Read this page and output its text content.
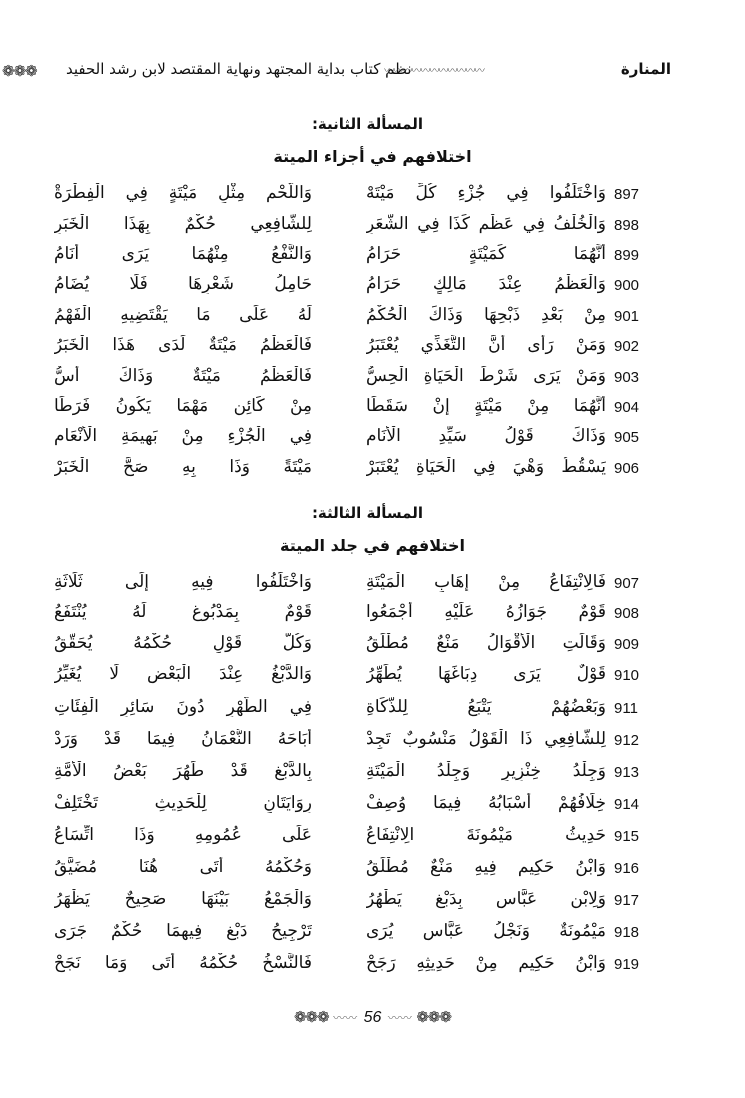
❁❁❁ نظم كتاب بداية المجتهد ونهاية المقتصد لابن رشد الحفيد
〰〰〰〰〰〰〰〰〰〰〰	المنارة
المسألة الثانية:
اختلافهم في أجزاء الميتة
897
وَاخْتَلَفُوا فِي جُزْءِ كُلِّ مَيْتَهْ
وَاللَّحْمِ مِثْلِ مَيْتَةٍ فِي الْفِطْرَةْ
898
وَالْخُلْفُ فِي عَظْمٍ كَذَا فِي الشَّعَرِ
لِلشَّافِعِي حُكْمٌ بِهَذَا الْخَبَرِ
899
أَنَّهُمَا كَمَيْتَةٍ حَرَامُ
وَالنَّفْعُ مِنْهُمَا يَرَى أَنَامُ
900
وَالْعَظْمُ عِنْدَ مَالِكٍ حَرَامُ
حَامِلُ شَعْرِهَا فَلَا يُضَامُ
901
مِنْ بَعْدِ ذَبْحِهَا وَذَاكَ الْحُكْمُ
لَهُ عَلَى مَا يَقْتَضِيهِ الْفَهْمُ
902
وَمَنْ رَأَى أَنَّ التَّغَذِّي يُعْتَبَرُ
فَالْعَظْمُ مَيْتَةٌ لَدَى هَذَا الْخَبَرُ
903
وَمَنْ يَرَى شَرْطَ الْحَيَاةِ الْحِسُّ
فَالْعَظْمُ مَيْتَةٌ وَذَاكَ أُسُّ
904
أَنَّهُمَا مِنْ مَيْتَةٍ إِنْ سَقَطَا
مِنْ كَائِنٍ مَهْمَا يَكُونُ فَرَطَا
905
وَذَاكَ قَوْلُ سَيِّدِ الْأَنَامِ
فِي الْجُزْءِ مِنْ بَهِيمَةِ الْأَنْعَامِ
906
يَسْقُطُ وَهْيَ فِي الْحَيَاةِ يُعْتَبَرْ
مَيْتَةً وَذَا بِهِ صَحَّ الْخَبَرْ
المسألة الثالثة:
اختلافهم في جلد الميتة
907
فَالِانْتِفَاعُ مِنْ إِهَابِ الْمَيْتَةِ
وَاخْتَلَفُوا فِيهِ إِلَى ثَلَاثَةِ
908
قَوْمٌ جَوَازُهُ عَلَيْهِ أَجْمَعُوا
قَوْمٌ بِمَدْبُوغٍ لَهُ يُنْتَفَعُ
909
وَقَالَتِ الْأَقْوَالُ مَنْعٌ مُطْلَقُ
وَكُلُّ قَوْلٍ حُكْمُهُ يُحَقَّقُ
910
قَوْلٌ يَرَى دِبَاغَهَا يُطَهِّرُ
وَالدَّبْغُ عِنْدَ الْبَعْضِ لَا يُغَيِّرُ
911
وَبَعْضُهُمْ يَتْبَعُ لِلذَّكَاةِ
فِي الطُّهْرِ دُونَ سَائِرِ الْفِئَاتِ
912
لِلشَّافِعِي ذَا الْقَوْلُ مَنْسُوبٌ تَجِدْ
أَبَاحَهُ النُّعْمَانُ فِيمَا قَدْ وَرَدْ
913
وَجِلْدُ خِنْزِيرٍ وَجِلْدُ الْمَيْتَةِ
بِالدَّبْغِ قَدْ طَهُرَ بَعْضُ الْأُمَّةِ
914
خِلَافُهُمْ أَسْبَابُهُ فِيمَا وُصِفْ
رِوَايَتَانِ لِلْحَدِيثِ تَخْتَلِفْ
915
حَدِيثُ مَيْمُونَةَ الِانْتِفَاعُ
عَلَى عُمُومِهِ وَذَا اتِّسَاعُ
916
وَابْنُ حَكِيمٍ فِيهِ مَنْعٌ مُطْلَقُ
وَحُكْمُهُ أَتَى هُنَا مُضَيَّقُ
917
وَلِابْنِ عَبَّاسٍ بِدَبْغٍ يَطْهُرُ
وَالْجَمْعُ بَيْنَهَا صَحِيحٌ يَظْهَرُ
918
مَيْمُونَةٌ وَنَجْلُ عَبَّاسٍ يُرَى
تَرْجِيحُ دَبْغٍ فِيهِمَا حُكْمٌ جَرَى
919
وَابْنُ حَكِيمٍ مِنْ حَدِيثِهِ رَجَحْ
فَالنَّسْخُ حُكْمُهُ أَتَى وَمَا نَجَحْ
❁❁❁ 〰〰 56 〰〰 ❁❁❁
